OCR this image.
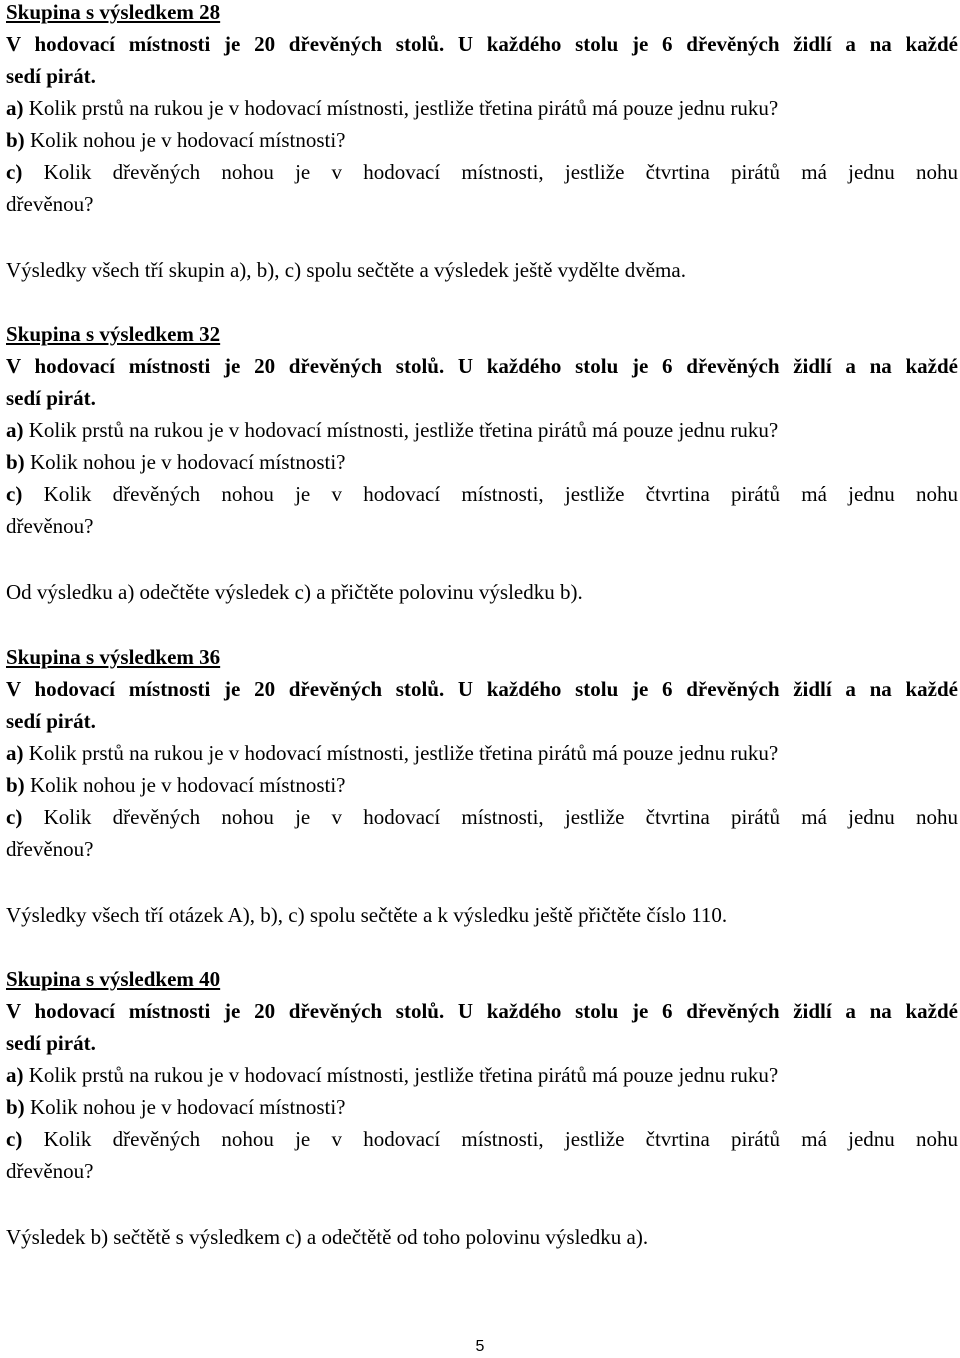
Skupina s výsledkem 28
V hodovací místnosti je 20 dřevěných stolů. U každého stolu je 6 dřevěných židlí a na každé
sedí pirát.
a) Kolik prstů na rukou je v hodovací místnosti, jestliže třetina pirátů má pouze jednu ruku?
b) Kolik nohou je v hodovací místnosti?
c) Kolik dřevěných nohou je v hodovací místnosti, jestliže čtvrtina pirátů má jednu nohu
dřevěnou?
Výsledky všech tří skupin a), b), c) spolu sečtěte a výsledek ještě vydělte dvěma.
Skupina s výsledkem 32
V hodovací místnosti je 20 dřevěných stolů. U každého stolu je 6 dřevěných židlí a na každé
sedí pirát.
a) Kolik prstů na rukou je v hodovací místnosti, jestliže třetina pirátů má pouze jednu ruku?
b) Kolik nohou je v hodovací místnosti?
c) Kolik dřevěných nohou je v hodovací místnosti, jestliže čtvrtina pirátů má jednu nohu
dřevěnou?
Od výsledku a) odečtěte výsledek c) a přičtěte polovinu výsledku b).
Skupina s výsledkem 36
V hodovací místnosti je 20 dřevěných stolů. U každého stolu je 6 dřevěných židlí a na každé
sedí pirát.
a) Kolik prstů na rukou je v hodovací místnosti, jestliže třetina pirátů má pouze jednu ruku?
b) Kolik nohou je v hodovací místnosti?
c) Kolik dřevěných nohou je v hodovací místnosti, jestliže čtvrtina pirátů má jednu nohu
dřevěnou?
Výsledky všech tří otázek A), b), c) spolu sečtěte a k výsledku ještě přičtěte číslo 110.
Skupina s výsledkem 40
V hodovací místnosti je 20 dřevěných stolů. U každého stolu je 6 dřevěných židlí a na každé
sedí pirát.
a) Kolik prstů na rukou je v hodovací místnosti, jestliže třetina pirátů má pouze jednu ruku?
b) Kolik nohou je v hodovací místnosti?
c) Kolik dřevěných nohou je v hodovací místnosti, jestliže čtvrtina pirátů má jednu nohu
dřevěnou?
Výsledek b) sečtětě s výsledkem c) a odečtětě od toho polovinu výsledku a).
5
